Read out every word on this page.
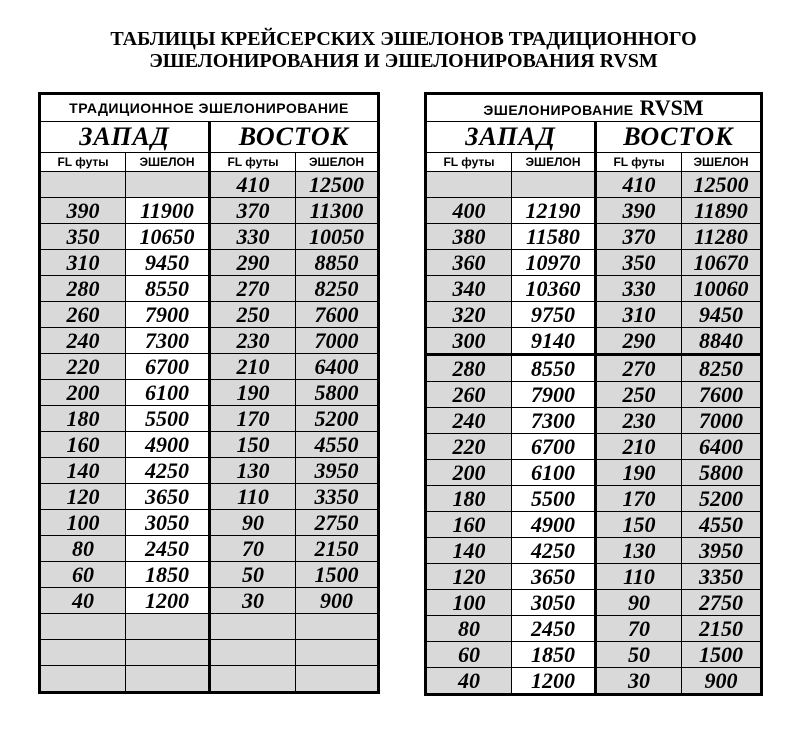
ТАБЛИЦЫ КРЕЙСЕРСКИХ ЭШЕЛОНОВ ТРАДИЦИОННОГО
ЭШЕЛОНИРОВАНИЯ И ЭШЕЛОНИРОВАНИЯ RVSM
ТРАДИЦИОННОЕ ЭШЕЛОНИРОВАНИЕ			
ЗАПАД		ВОСТОК	
FL футы	ЭШЕЛОН	FL футы	ЭШЕЛОН
		410	12500
390	11900	370	11300
350	10650	330	10050
310	9450	290	8850
280	8550	270	8250
260	7900	250	7600
240	7300	230	7000
220	6700	210	6400
200	6100	190	5800
180	5500	170	5200
160	4900	150	4550
140	4250	130	3950
120	3650	110	3350
100	3050	90	2750
80	2450	70	2150
60	1850	50	1500
40	1200	30	900

ЭШЕЛОНИРОВАНИЕ RVSM			
ЗАПАД		ВОСТОК	
FL футы	ЭШЕЛОН	FL футы	ЭШЕЛОН
		410	12500
400	12190	390	11890
380	11580	370	11280
360	10970	350	10670
340	10360	330	10060
320	9750	310	9450
300	9140	290	8840
280	8550	270	8250
260	7900	250	7600
240	7300	230	7000
220	6700	210	6400
200	6100	190	5800
180	5500	170	5200
160	4900	150	4550
140	4250	130	3950
120	3650	110	3350
100	3050	90	2750
80	2450	70	2150
60	1850	50	1500
40	1200	30	900
